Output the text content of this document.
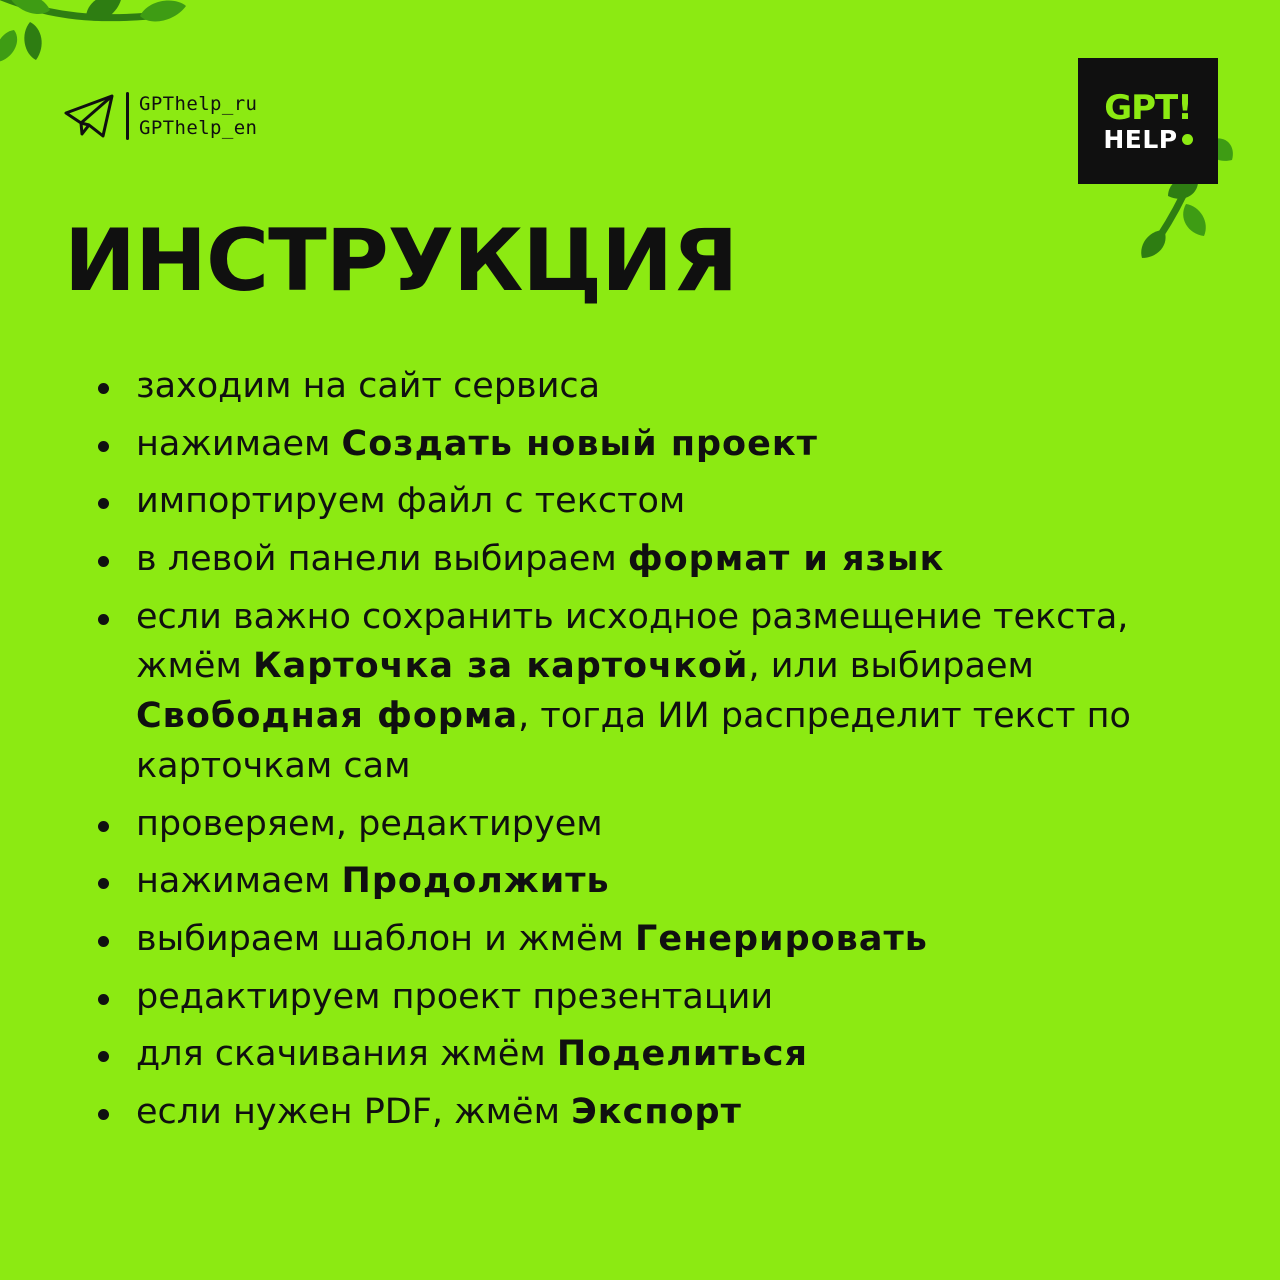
GPThelp_ru
GPThelp_en
GPT!
HELP
ИНСТРУКЦИЯ
заходим на сайт сервиса
нажимаем Создать новый проект
импортируем файл с текстом
в левой панели выбираем формат и язык
если важно сохранить исходное размещение текста, жмём Карточка за карточкой, или выбираем Свободная форма, тогда ИИ распределит текст по карточкам сам
проверяем, редактируем
нажимаем Продолжить
выбираем шаблон и жмём Генерировать
редактируем проект презентации
для скачивания жмём Поделиться
если нужен PDF, жмём Экспорт
